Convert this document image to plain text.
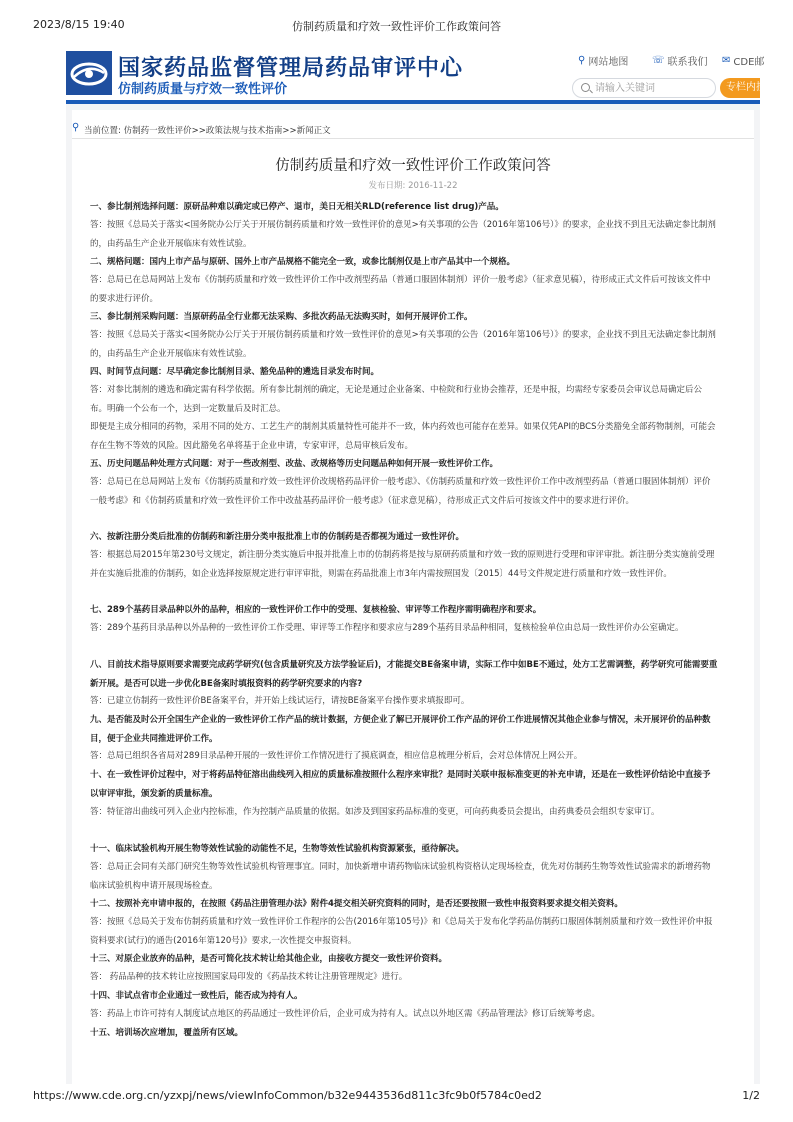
2023/8/15 19:40	仿制药质量和疗效一致性评价工作政策问答
国家药品监督管理局药品审评中心
仿制药质量与疗效一致性评价
⚲ 网站地图 ☏ 联系我们 ✉ CDE邮
请输入关键词
专栏内搜
⚲ 当前位置: 仿制药一致性评价>>政策法规与技术指南>>新闻正文
仿制药质量和疗效一致性评价工作政策问答
发布日期: 2016-11-22
一、参比制剂选择问题：原研品种难以确定或已停产、退市，美日无相关RLD(reference list drug)产品。
答：按照《总局关于落实<国务院办公厅关于开展仿制药质量和疗效一致性评价的意见>有关事项的公告（2016年第106号）》的要求，企业找不到且无法确定参比制剂的，由药品生产企业开展临床有效性试验。
二、规格问题：国内上市产品与原研、国外上市产品规格不能完全一致，或参比制剂仅是上市产品其中一个规格。
答：总局已在总局网站上发布《仿制药质量和疗效一致性评价工作中改剂型药品（普通口服固体制剂）评价一般考虑》（征求意见稿），待形成正式文件后可按该文件中的要求进行评价。
三、参比制剂采购问题：当原研药品全行业都无法采购、多批次药品无法购买时，如何开展评价工作。
答：按照《总局关于落实<国务院办公厅关于开展仿制药质量和疗效一致性评价的意见>有关事项的公告（2016年第106号）》的要求，企业找不到且无法确定参比制剂的，由药品生产企业开展临床有效性试验。
四、时间节点问题：尽早确定参比制剂目录、豁免品种的遴选目录发布时间。
答：对参比制剂的遴选和确定需有科学依据。所有参比制剂的确定，无论是通过企业备案、中检院和行业协会推荐，还是申报，均需经专家委员会审议总局确定后公布。明确一个公布一个，达到一定数量后及时汇总。
即便是主成分相同的药物，采用不同的处方、工艺生产的制剂其质量特性可能并不一致，体内药效也可能存在差异。如果仅凭API的BCS分类豁免全部药物制剂，可能会存在生物不等效的风险。因此豁免名单将基于企业申请，专家审评，总局审核后发布。
五、历史问题品种处理方式问题：对于一些改剂型、改盐、改规格等历史问题品种如何开展一致性评价工作。
答：总局已在总局网站上发布《仿制药质量和疗效一致性评价改规格药品评价一般考虑》、《仿制药质量和疗效一致性评价工作中改剂型药品（普通口服固体制剂）评价一般考虑》和《仿制药质量和疗效一致性评价工作中改盐基药品评价一般考虑》（征求意见稿），待形成正式文件后可按该文件中的要求进行评价。
六、按新注册分类后批准的仿制药和新注册分类申报批准上市的仿制药是否都视为通过一致性评价。
答：根据总局2015年第230号文规定，新注册分类实施后申报并批准上市的仿制药将是按与原研药质量和疗效一致的原则进行受理和审评审批。新注册分类实施前受理并在实施后批准的仿制药，如企业选择按原规定进行审评审批，则需在药品批准上市3年内需按照国发〔2015〕44号文件规定进行质量和疗效一致性评价。
七、289个基药目录品种以外的品种，相应的一致性评价工作中的受理、复核检验、审评等工作程序需明确程序和要求。
答：289个基药目录品种以外品种的一致性评价工作受理、审评等工作程序和要求应与289个基药目录品种相同，复核检验单位由总局一致性评价办公室确定。
八、目前技术指导原则要求需要完成药学研究(包含质量研究及方法学验证后)，才能提交BE备案申请，实际工作中如BE不通过，处方工艺需调整，药学研究可能需要重新开展。是否可以进一步优化BE备案时填报资料的药学研究要求的内容?
答：已建立仿制药一致性评价BE备案平台，并开始上线试运行，请按BE备案平台操作要求填报即可。
九、是否能及时公开全国生产企业的一致性评价工作产品的统计数据，方便企业了解已开展评价工作产品的评价工作进展情况其他企业参与情况，未开展评价的品种数目，便于企业共同推进评价工作。
答：总局已组织各省局对289目录品种开展的一致性评价工作情况进行了摸底调查，相应信息梳理分析后，会对总体情况上网公开。
十、在一致性评价过程中，对于将药品特征溶出曲线列入相应的质量标准按照什么程序来审批？是同时关联申报标准变更的补充申请，还是在一致性评价结论中直接予以审评审批，颁发新的质量标准。
答：特征溶出曲线可列入企业内控标准，作为控制产品质量的依据。如涉及到国家药品标准的变更，可向药典委员会提出，由药典委员会组织专家审订。
十一、临床试验机构开展生物等效性试验的动能性不足，生物等效性试验机构资源紧张，亟待解决。
答：总局正会同有关部门研究生物等效性试验机构管理事宜。同时，加快新增申请药物临床试验机构资格认定现场检查，优先对仿制药生物等效性试验需求的新增药物临床试验机构申请开展现场检查。
十二、按照补充申请申报的，在按照《药品注册管理办法》附件4提交相关研究资料的同时，是否还要按照一致性申报资料要求提交相关资料。
答：按照《总局关于发布仿制药质量和疗效一致性评价工作程序的公告(2016年第105号)》和《总局关于发布化学药品仿制药口服固体制剂质量和疗效一致性评价申报资料要求(试行)的通告(2016年第120号)》要求,一次性提交申报资料。
十三、对原企业放弃的品种，是否可简化技术转让给其他企业，由接收方提交一致性评价资料。
答： 药品品种的技术转让应按照国家局印发的《药品技术转让注册管理规定》进行。
十四、非试点省市企业通过一致性后，能否成为持有人。
答：药品上市许可持有人制度试点地区的药品通过一致性评价后，企业可成为持有人。试点以外地区需《药品管理法》修订后统筹考虑。
十五、培训场次应增加，覆盖所有区域。
https://www.cde.org.cn/yzxpj/news/viewInfoCommon/b32e9443536d811c3fc9b0f5784c0ed2	1/2
